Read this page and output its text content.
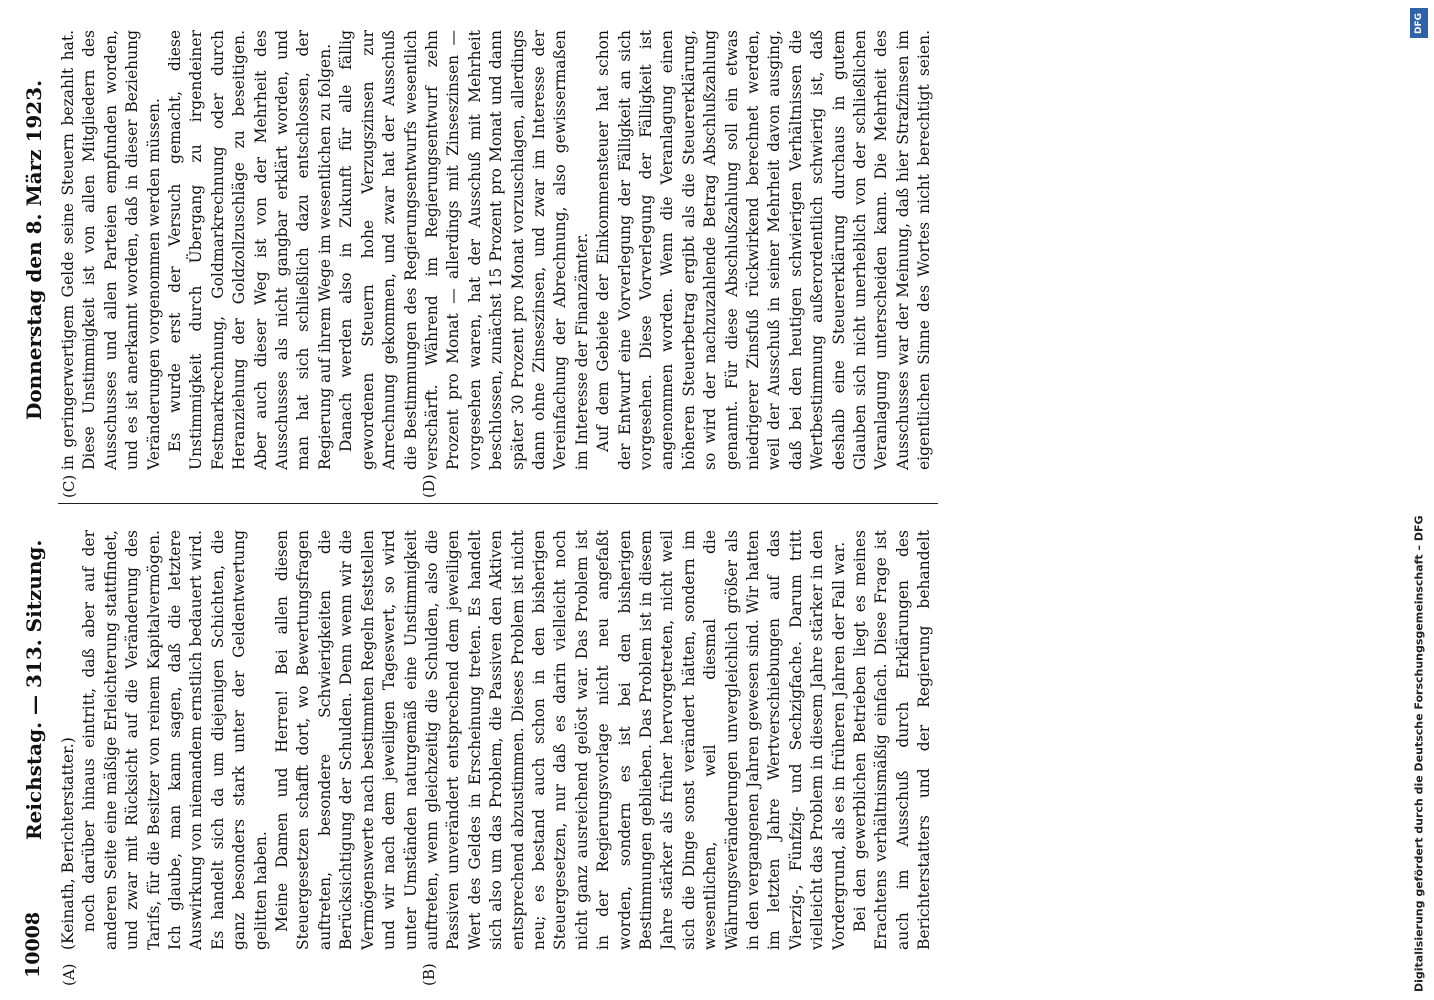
10008
Reichstag. — 313. Sitzung.
Donnerstag den 8. März 1923.
(A)	(B)
(C)	(D)

(Keinath, Berichterstatter.) noch darüber hinaus eintritt, daß aber auf der anderen Seite eine mäßige Erleichterung stattfindet, und zwar mit Rücksicht auf die Veränderung des Tarifs, für die Besitzer von reinem Kapitalvermögen. Ich glaube, man kann sagen, daß die letztere Auswirkung von niemandem ernstlich bedauert wird. Es handelt sich da um diejenigen Schichten, die ganz besonders stark unter der Geldentwertung gelitten haben. Meine Damen und Herren! Bei allen diesen Steuergesetzen schafft dort, wo Bewertungsfragen auftreten, besondere Schwierigkeiten die Berücksichtigung der Schulden. Denn wenn wir die Vermögenswerte nach bestimmten Regeln feststellen und wir nach dem jeweiligen Tageswert, so wird unter Umständen naturgemäß eine Unstimmigkeit auftreten, wenn gleichzeitig die Schulden, also die Passiven unverändert entsprechend dem jeweiligen Wert des Geldes in Erscheinung treten. Es handelt sich also um das Problem, die Passiven den Aktiven entsprechend abzustimmen. Dieses Problem ist nicht neu; es bestand auch schon in den bisherigen Steuergesetzen, nur daß es darin vielleicht noch nicht ganz ausreichend gelöst war. Das Problem ist in der Regierungsvorlage nicht neu angefaßt worden, sondern es ist bei den bisherigen Bestimmungen geblieben. Das Problem ist in diesem Jahre stärker als früher hervorgetreten, nicht weil sich die Dinge sonst verändert hätten, sondern im wesentlichen, weil diesmal die Währungsveränderungen unvergleichlich größer als in den vergangenen Jahren gewesen sind. Wir hatten im letzten Jahre Wertverschiebungen auf das Vierzig-, Fünfzig- und Sechzigfache. Darum tritt vielleicht das Problem in diesem Jahre stärker in den Vordergrund, als es in früheren Jahren der Fall war. Bei den gewerblichen Betrieben liegt es meines Erachtens verhältnismäßig einfach. Diese Frage ist auch im Ausschuß durch Erklärungen des Berichterstatters und der Regierung behandelt

in geringerwertigem Gelde seine Steuern bezahlt hat. Diese Unstimmigkeit ist von allen Mitgliedern des Ausschusses und allen Parteien empfunden worden, und es ist anerkannt worden, daß in dieser Beziehung Veränderungen vorgenommen werden müssen. Es wurde erst der Versuch gemacht, diese Unstimmigkeit durch Übergang zu irgendeiner Festmarkrechnung, Goldmarkrechnung oder durch Heranziehung der Goldzollzuschläge zu beseitigen. Aber auch dieser Weg ist von der Mehrheit des Ausschusses als nicht gangbar erklärt worden, und man hat sich schließlich dazu entschlossen, der Regierung auf ihrem Wege im wesentlichen zu folgen. Danach werden also in Zukunft für alle fällig gewordenen Steuern hohe Verzugszinsen zur Anrechnung gekommen, und zwar hat der Ausschuß die Bestimmungen des Regierungsentwurfs wesentlich verschärft. Während im Regierungsentwurf zehn Prozent pro Monat — allerdings mit Zinseszinsen — vorgesehen waren, hat der Ausschuß mit Mehrheit beschlossen, zunächst 15 Prozent pro Monat und dann später 30 Prozent pro Monat vorzuschlagen, allerdings dann ohne Zinseszinsen, und zwar im Interesse der Vereinfachung der Abrechnung, also gewissermaßen im Interesse der Finanzämter. Auf dem Gebiete der Einkommensteuer hat schon der Entwurf eine Vorverlegung der Fälligkeit an sich vorgesehen. Diese Vorverlegung der Fälligkeit ist angenommen worden. Wenn die Veranlagung einen höheren Steuerbetrag ergibt als die Steuererklärung, so wird der nachzuzahlende Betrag Abschlußzahlung genannt. Für diese Abschlußzahlung soll ein etwas niedrigerer Zinsfuß rückwirkend berechnet werden, weil der Ausschuß in seiner Mehrheit davon ausging, daß bei den heutigen schwierigen Verhältnissen die Wertbestimmung außerordentlich schwierig ist, daß deshalb eine Steuererklärung durchaus in gutem Glauben sich nicht unerheblich von der schließlichen Veranlagung unterscheiden kann. Die Mehrheit des Ausschusses war der Meinung, daß hier Strafzinsen im eigentlichen Sinne des Wortes nicht berechtigt seien.

DFG
Digitalisierung gefördert durch die Deutsche Forschungsgemeinschaft – DFG
